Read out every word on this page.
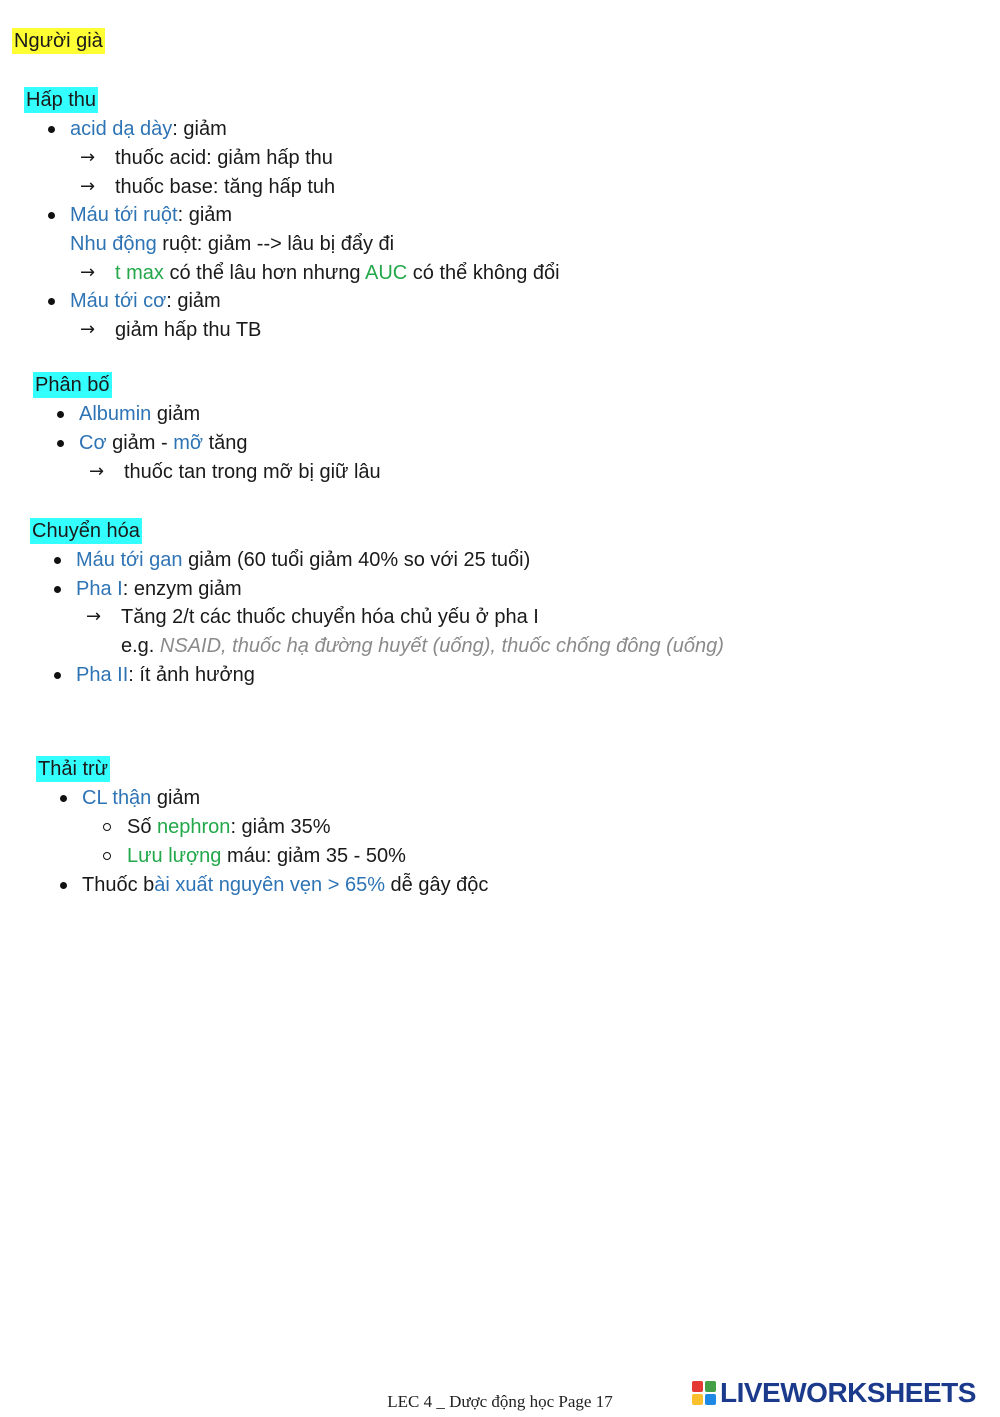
Người già
Hấp thu
acid dạ dày: giảm
→ thuốc acid: giảm hấp thu
→ thuốc base: tăng hấp tuh
Máu tới ruột: giảm
Nhu động ruột: giảm --> lâu bị đẩy đi
→ t max có thể lâu hơn nhưng AUC có thể không đổi
Máu tới cơ: giảm
→ giảm hấp thu TB
Phân bố
Albumin giảm
Cơ giảm - mỡ tăng
→ thuốc tan trong mỡ bị giữ lâu
Chuyển hóa
Máu tới gan giảm (60 tuổi giảm 40% so với 25 tuổi)
Pha I: enzym giảm
→ Tăng 2/t các thuốc chuyển hóa chủ yếu ở pha I
e.g. NSAID, thuốc hạ đường huyết (uống), thuốc chống đông (uống)
Pha II: ít ảnh hưởng
Thải trừ
CL thận giảm
Số nephron: giảm 35%
Lưu lượng máu: giảm 35 - 50%
Thuốc bài xuất nguyên vẹn > 65% dễ gây độc
LEC 4 _ Dược động học Page 17	LIVEWORKSHEETS
